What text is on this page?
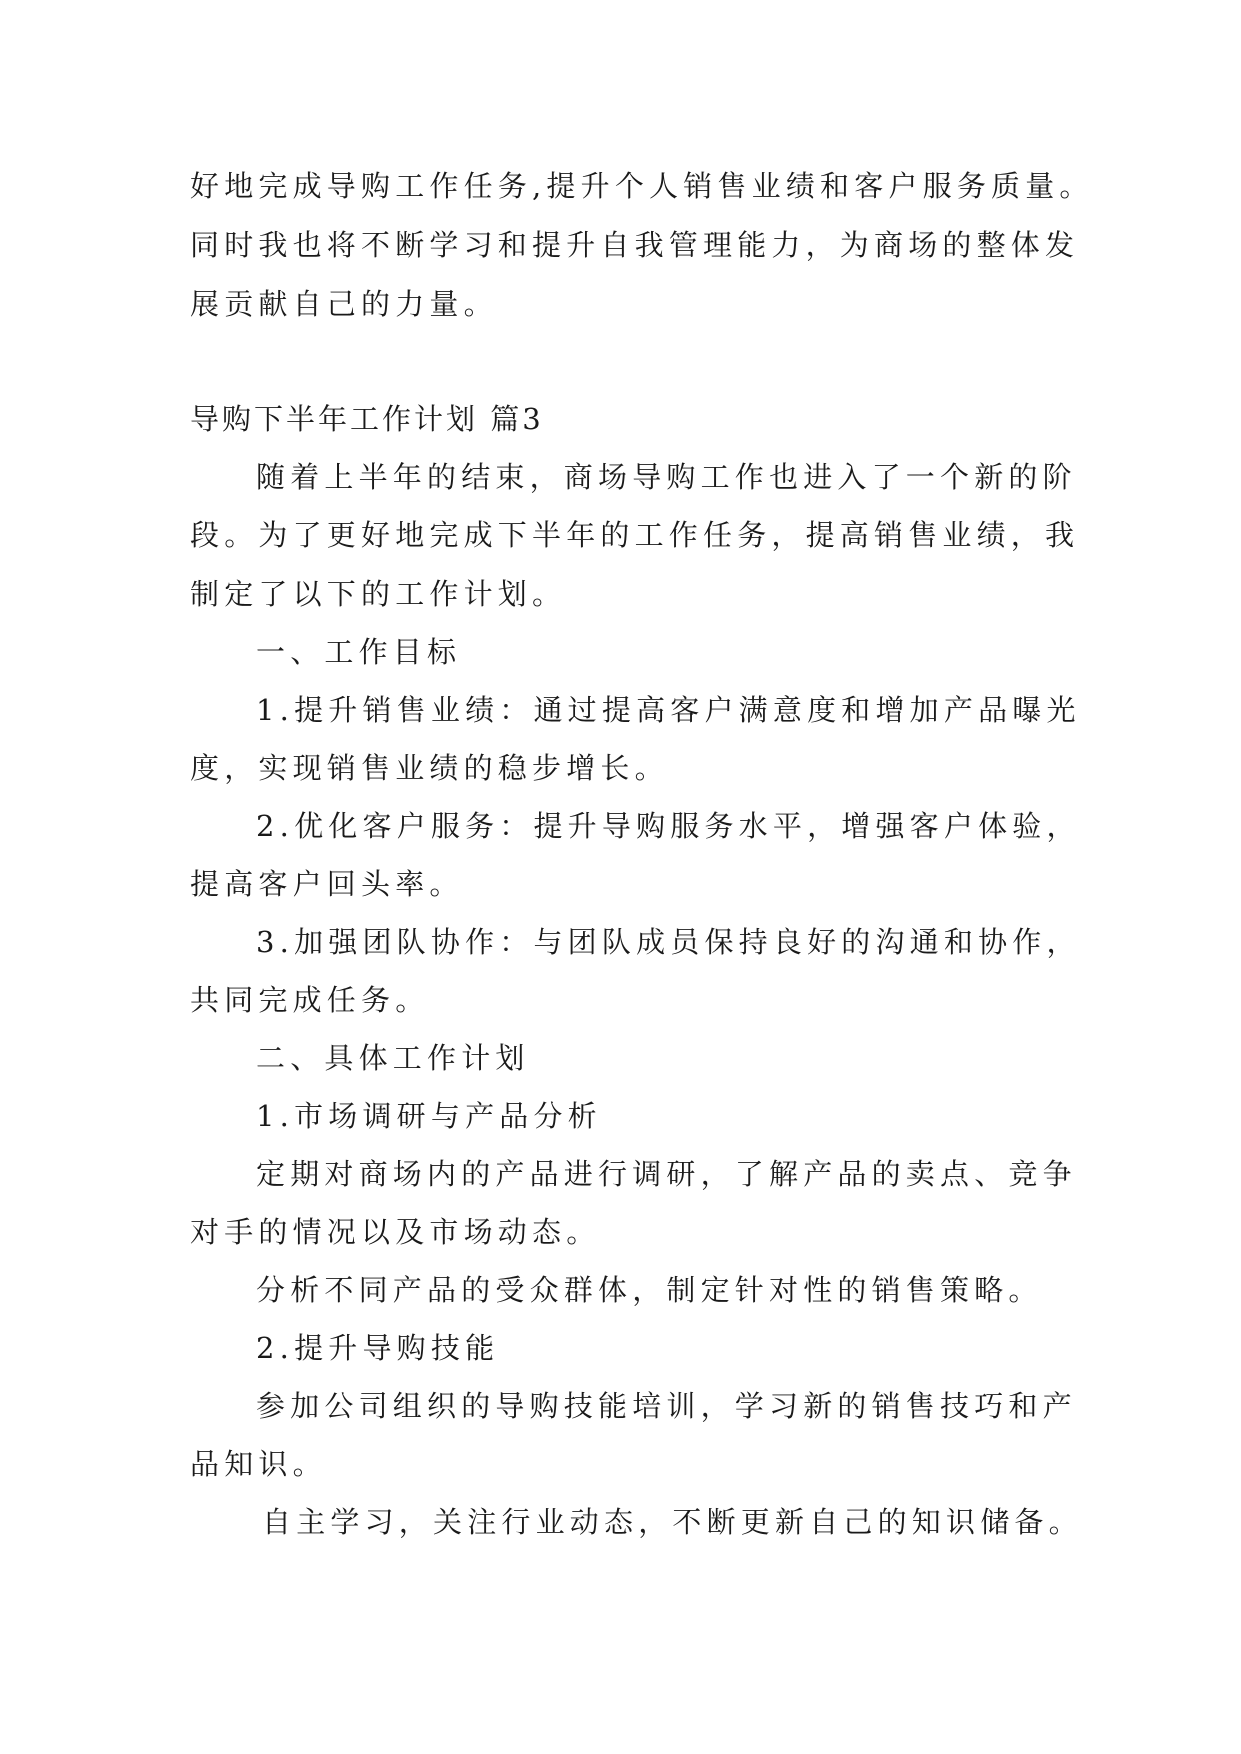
好地完成导购工作任务,提升个人销售业绩和客户服务质量。
同时我也将不断学习和提升自我管理能力，为商场的整体发
展贡献自己的力量。
导购下半年工作计划 篇3
随着上半年的结束，商场导购工作也进入了一个新的阶
段。为了更好地完成下半年的工作任务，提高销售业绩，我
制定了以下的工作计划。
一、工作目标
1.提升销售业绩：通过提高客户满意度和增加产品曝光
度，实现销售业绩的稳步增长。
2.优化客户服务：提升导购服务水平，增强客户体验，
提高客户回头率。
3.加强团队协作：与团队成员保持良好的沟通和协作，
共同完成任务。
二、具体工作计划
1.市场调研与产品分析
定期对商场内的产品进行调研，了解产品的卖点、竞争
对手的情况以及市场动态。
分析不同产品的受众群体，制定针对性的销售策略。
2.提升导购技能
参加公司组织的导购技能培训，学习新的销售技巧和产
品知识。
自主学习，关注行业动态，不断更新自己的知识储备。
